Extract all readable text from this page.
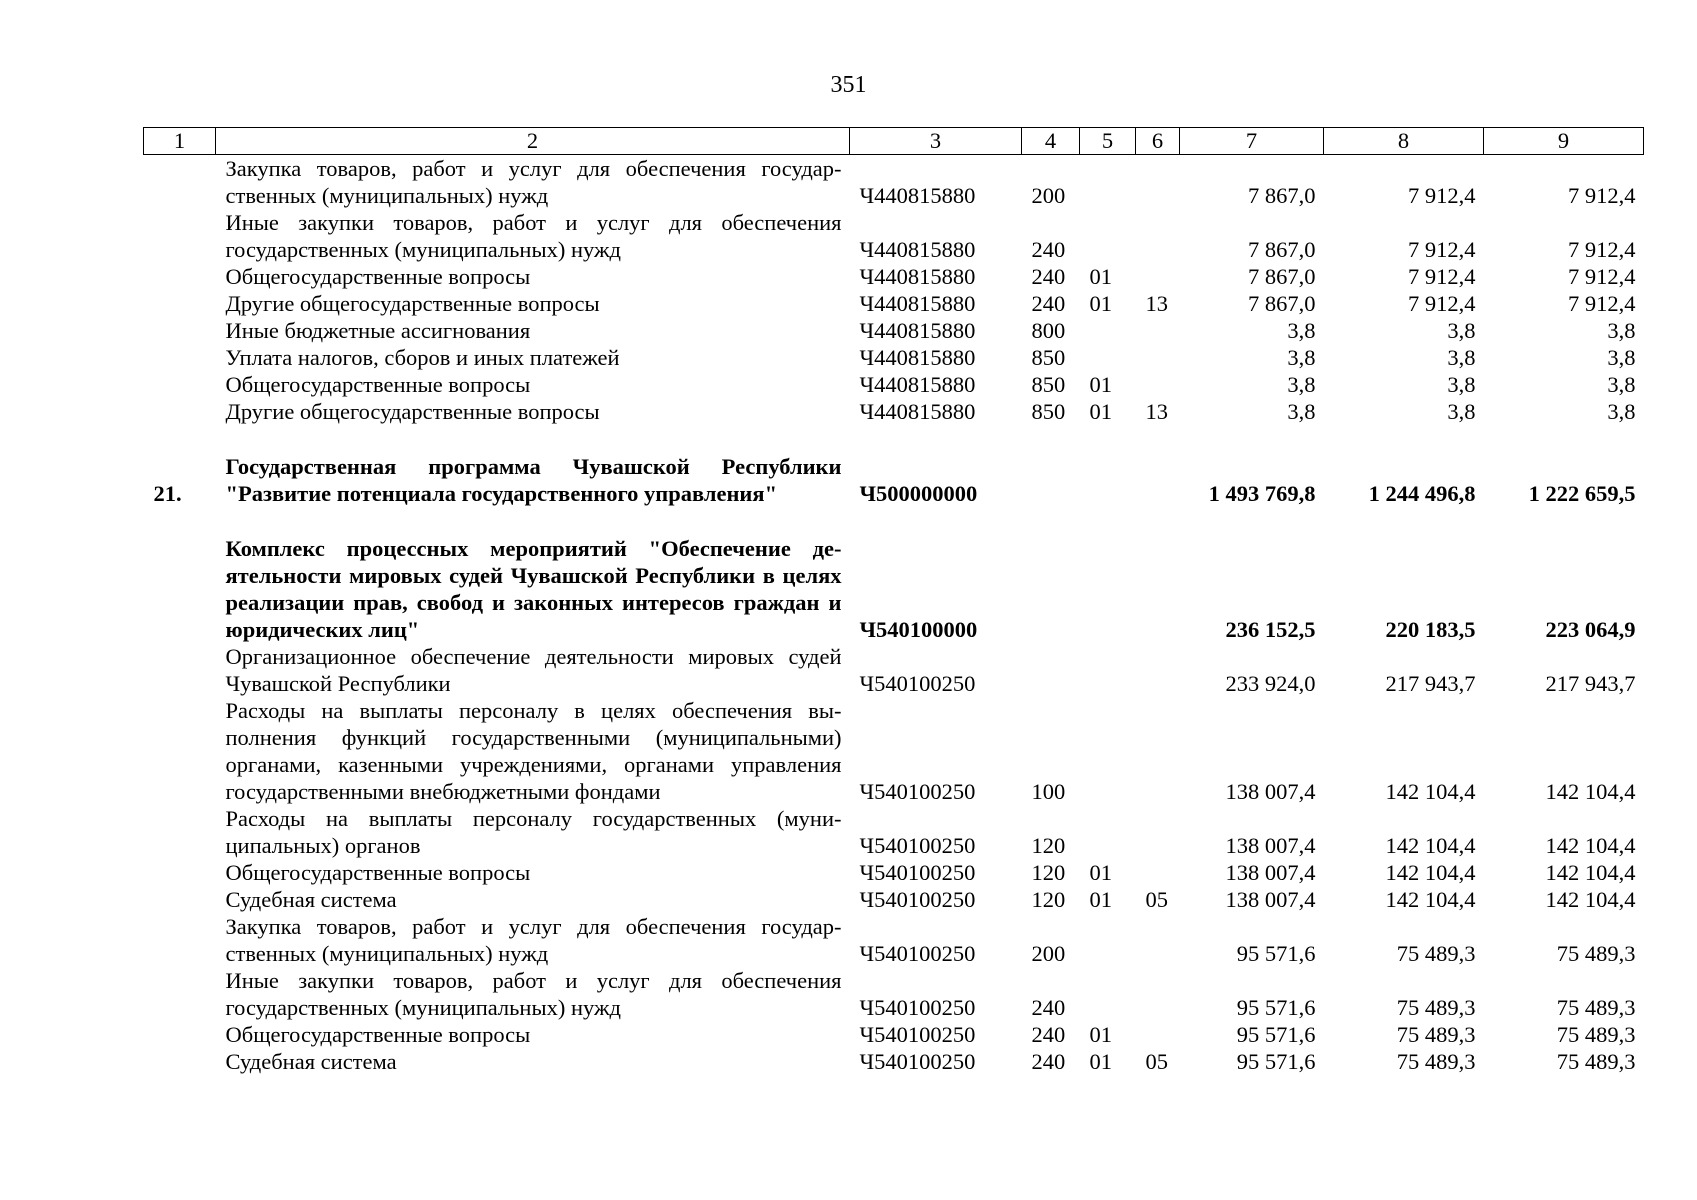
351
1	2	3	4	5	6	7	8	9
	Закупка товаров, работ и услуг для обеспечения государственных (муниципальных) нужд	Ч440815880	200			7 867,0	7 912,4	7 912,4
	Иные закупки товаров, работ и услуг для обеспечения государственных (муниципальных) нужд	Ч440815880	240			7 867,0	7 912,4	7 912,4
	Общегосударственные вопросы	Ч440815880	240	01		7 867,0	7 912,4	7 912,4
	Другие общегосударственные вопросы	Ч440815880	240	01	13	7 867,0	7 912,4	7 912,4
	Иные бюджетные ассигнования	Ч440815880	800			3,8	3,8	3,8
	Уплата налогов, сборов и иных платежей	Ч440815880	850			3,8	3,8	3,8
	Общегосударственные вопросы	Ч440815880	850	01		3,8	3,8	3,8
	Другие общегосударственные вопросы	Ч440815880	850	01	13	3,8	3,8	3,8

21.	Государственная программа Чувашской Республики "Развитие потенциала государственного управления"	Ч500000000				1 493 769,8	1 244 496,8	1 222 659,5

	Комплекс процессных мероприятий "Обеспечение деятельности мировых судей Чувашской Республики в целях реализации прав, свобод и законных интересов граждан и юридических лиц"	Ч540100000				236 152,5	220 183,5	223 064,9
	Организационное обеспечение деятельности мировых судей Чувашской Республики	Ч540100250				233 924,0	217 943,7	217 943,7
	Расходы на выплаты персоналу в целях обеспечения выполнения функций государственными (муниципальными) органами, казенными учреждениями, органами управления государственными внебюджетными фондами	Ч540100250	100			138 007,4	142 104,4	142 104,4
	Расходы на выплаты персоналу государственных (муниципальных) органов	Ч540100250	120			138 007,4	142 104,4	142 104,4
	Общегосударственные вопросы	Ч540100250	120	01		138 007,4	142 104,4	142 104,4
	Судебная система	Ч540100250	120	01	05	138 007,4	142 104,4	142 104,4
	Закупка товаров, работ и услуг для обеспечения государственных (муниципальных) нужд	Ч540100250	200			95 571,6	75 489,3	75 489,3
	Иные закупки товаров, работ и услуг для обеспечения государственных (муниципальных) нужд	Ч540100250	240			95 571,6	75 489,3	75 489,3
	Общегосударственные вопросы	Ч540100250	240	01		95 571,6	75 489,3	75 489,3
	Судебная система	Ч540100250	240	01	05	95 571,6	75 489,3	75 489,3
